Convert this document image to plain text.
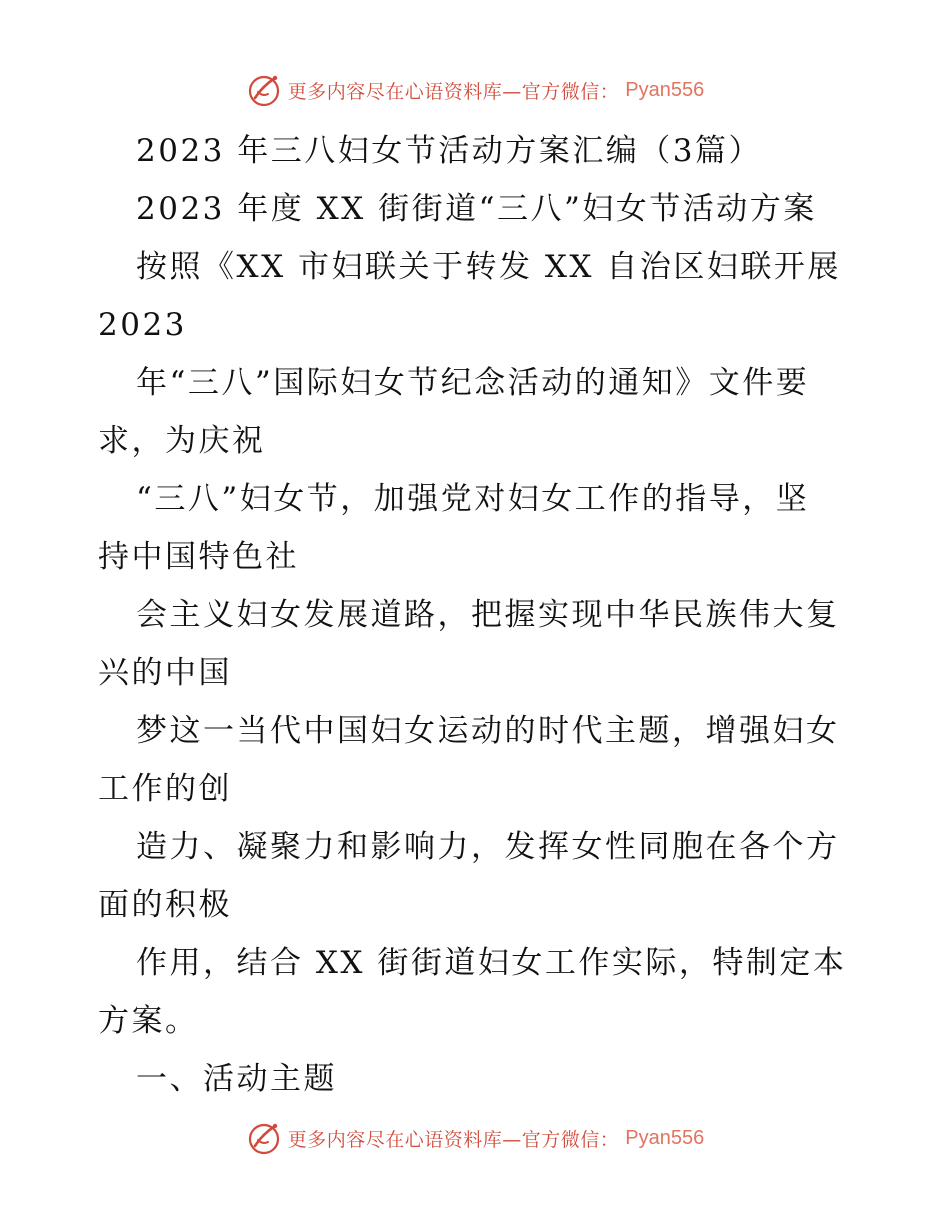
更多内容尽在心语资料库—官方微信： Pyan556
2023 年三八妇女节活动方案汇编（3篇）
2023 年度 XX 街街道“三八”妇女节活动方案
按照《XX 市妇联关于转发 XX 自治区妇联开展
2023
年“三八”国际妇女节纪念活动的通知》文件要
求，为庆祝
“三八”妇女节，加强党对妇女工作的指导，坚
持中国特色社
会主义妇女发展道路，把握实现中华民族伟大复
兴的中国
梦这一当代中国妇女运动的时代主题，增强妇女
工作的创
造力、凝聚力和影响力，发挥女性同胞在各个方
面的积极
作用，结合 XX 街街道妇女工作实际，特制定本
方案。
一、活动主题
更多内容尽在心语资料库—官方微信： Pyan556
